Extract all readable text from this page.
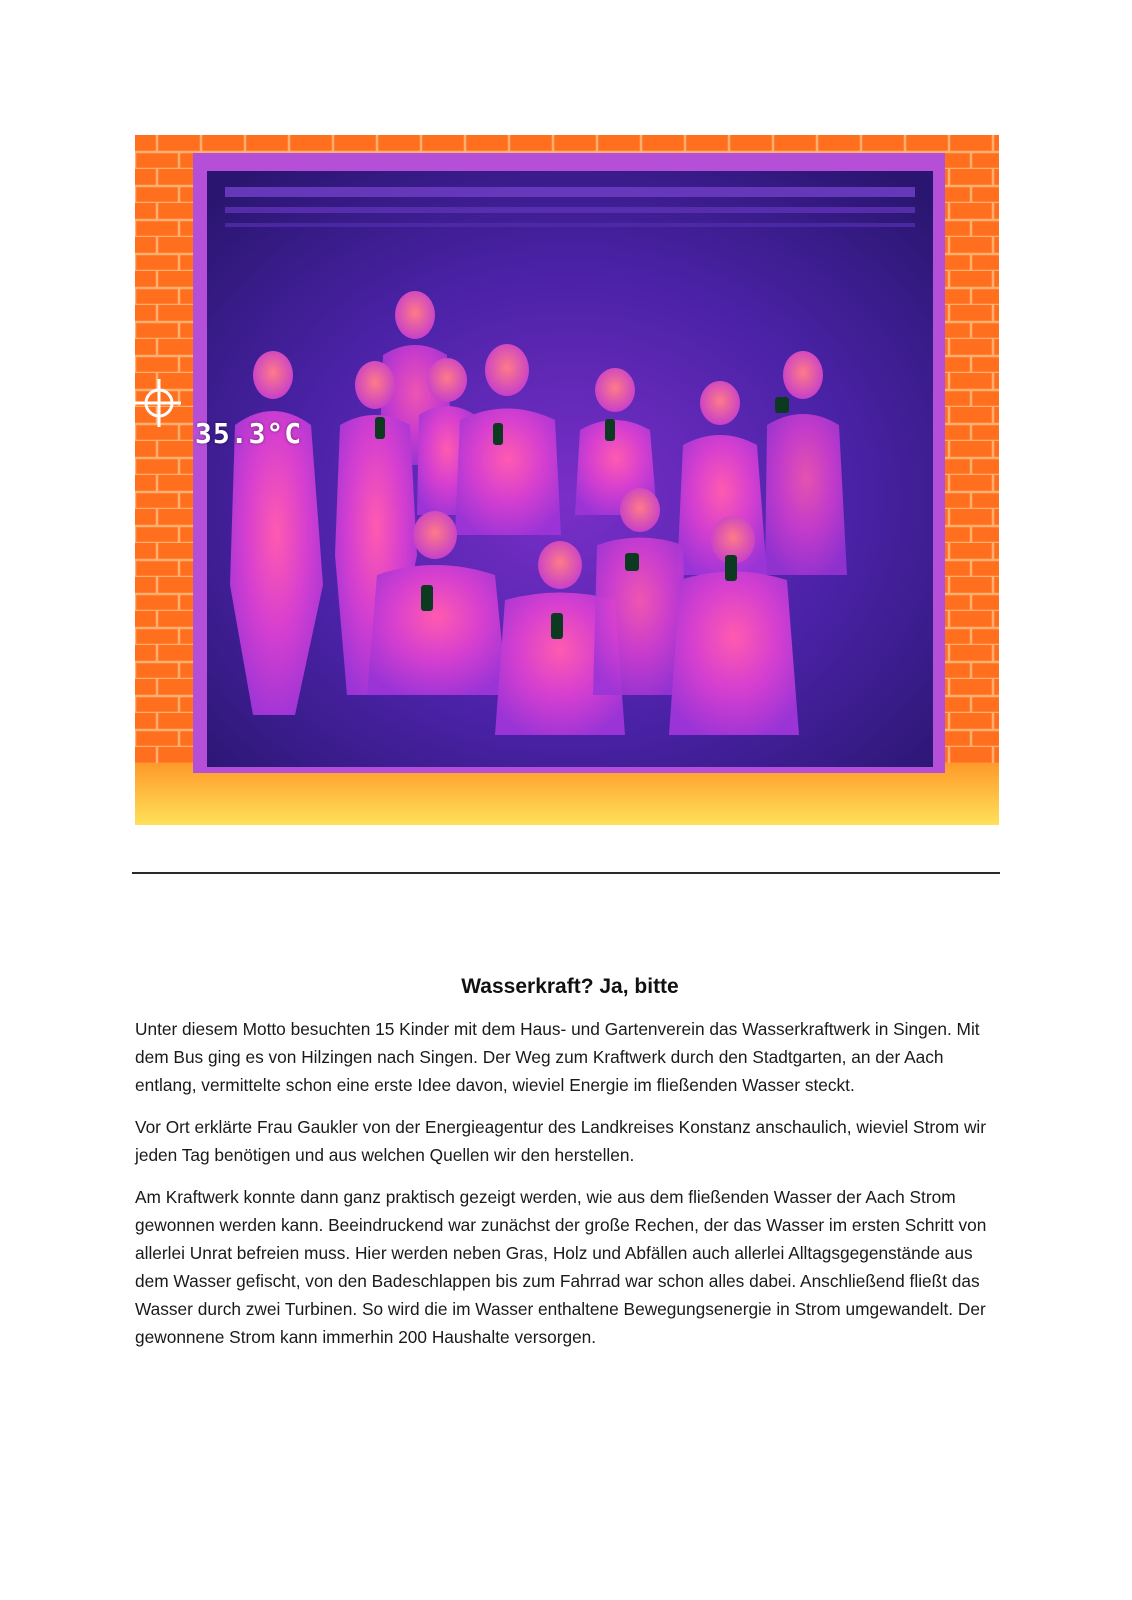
35.3°C
Wasserkraft? Ja, bitte

Unter diesem Motto besuchten 15 Kinder mit dem Haus- und Gartenverein das Wasserkraftwerk in Singen. Mit dem Bus ging es von Hilzingen nach Singen. Der Weg zum Kraftwerk durch den Stadtgarten, an der Aach entlang, vermittelte schon eine erste Idee davon, wieviel Energie im fließenden Wasser steckt.

Vor Ort erklärte Frau Gaukler von der Energieagentur des Landkreises Konstanz anschaulich, wieviel Strom wir jeden Tag benötigen und aus welchen Quellen wir den herstellen.

Am Kraftwerk konnte dann ganz praktisch gezeigt werden, wie aus dem fließenden Wasser der Aach Strom gewonnen werden kann. Beeindruckend war zunächst der große Rechen, der das Wasser im ersten Schritt von allerlei Unrat befreien muss. Hier werden neben Gras, Holz und Abfällen auch allerlei Alltagsgegenstände aus dem Wasser gefischt, von den Badeschlappen bis zum Fahrrad war schon alles dabei. Anschließend fließt das Wasser durch zwei Turbinen. So wird die im Wasser enthaltene Bewegungsenergie in Strom umgewandelt. Der gewonnene Strom kann immerhin 200 Haushalte versorgen.
